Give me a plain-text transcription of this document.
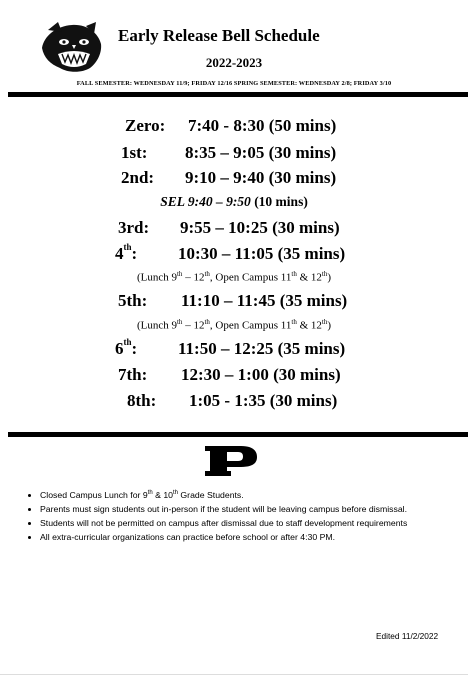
Early Release Bell Schedule
2022-2023
FALL SEMESTER: WEDNESDAY 11/9; FRIDAY 12/16 SPRING SEMESTER: WEDNESDAY 2/8; FRIDAY 3/10
Zero: 7:40 - 8:30 (50 mins)
1st: 8:35 – 9:05 (30 mins)
2nd: 9:10 – 9:40 (30 mins)
SEL 9:40 – 9:50 (10 mins)
3rd: 9:55 – 10:25 (30 mins)
4th: 10:30 – 11:05 (35 mins)
(Lunch 9th – 12th, Open Campus 11th & 12th)
5th: 11:10 – 11:45 (35 mins)
(Lunch 9th – 12th, Open Campus 11th & 12th)
6th: 11:50 – 12:25 (35 mins)
7th: 12:30 – 1:00 (30 mins)
8th: 1:05 - 1:35 (30 mins)
• Closed Campus Lunch for 9th & 10th Grade Students.
• Parents must sign students out in-person if the student will be leaving campus before dismissal.
• Students will not be permitted on campus after dismissal due to staff development requirements
• All extra-curricular organizations can practice before school or after 4:30 PM.
Edited 11/2/2022
